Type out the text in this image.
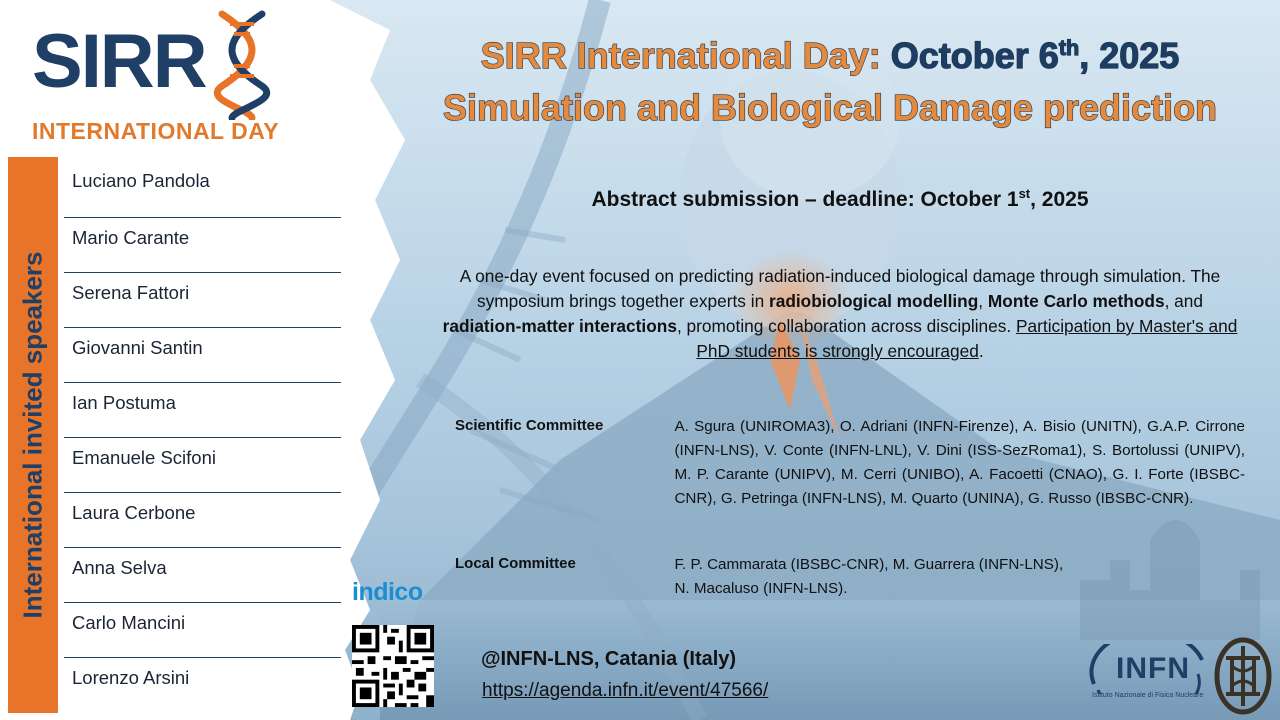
SIRR
INTERNATIONAL DAY
International invited speakers
Luciano Pandola
Mario Carante
Serena Fattori
Giovanni Santin
Ian Postuma
Emanuele Scifoni
Laura Cerbone
Anna Selva
Carlo Mancini
Lorenzo Arsini
SIRR International Day: October 6th, 2025
Simulation and Biological Damage prediction
Abstract submission – deadline: October 1st, 2025
A one-day event focused on predicting radiation-induced biological damage through simulation. The symposium brings together experts in radiobiological modelling, Monte Carlo methods, and radiation-matter interactions, promoting collaboration across disciplines. Participation by Master's and PhD students is strongly encouraged.
Scientific Committee	A. Sgura (UNIROMA3), O. Adriani (INFN-Firenze), A. Bisio (UNITN), G.A.P. Cirrone (INFN-LNS), V. Conte (INFN-LNL), V. Dini (ISS-SezRoma1), S. Bortolussi (UNIPV), M. P. Carante (UNIPV), M. Cerri (UNIBO), A. Facoetti (CNAO), G. I. Forte (IBSBC-CNR), G. Petringa (INFN-LNS), M. Quarto (UNINA), G. Russo (IBSBC-CNR).
Local Committee	F. P. Cammarata (IBSBC-CNR), M. Guarrera (INFN-LNS),
N. Macaluso (INFN-LNS).
indico
@INFN-LNS, Catania (Italy)
https://agenda.infn.it/event/47566/
INFN
Istituto Nazionale di Fisica Nucleare
